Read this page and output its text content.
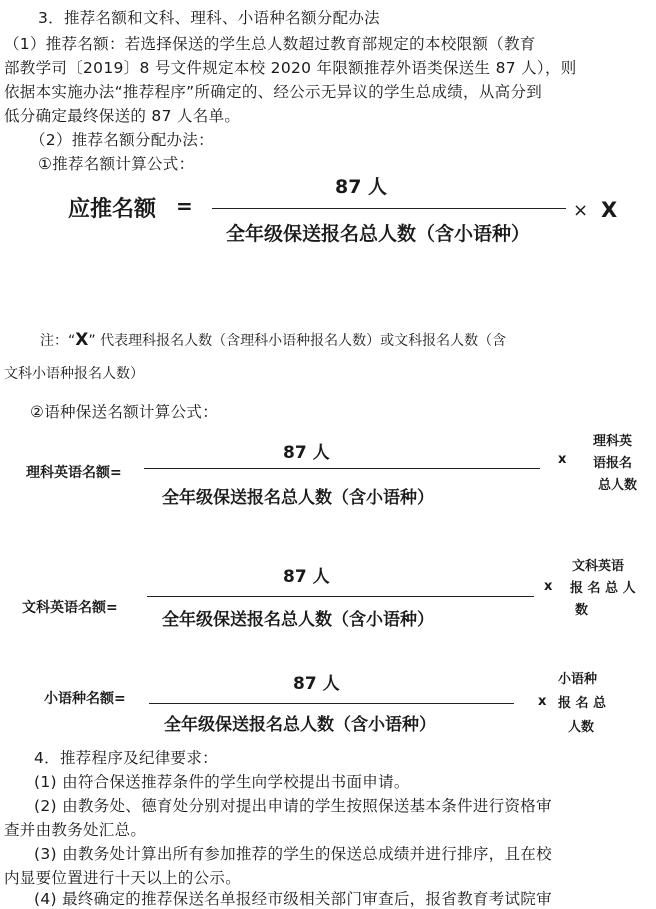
3．推荐名额和文科、理科、小语种名额分配办法
（1）推荐名额：若选择保送的学生总人数超过教育部规定的本校限额（教育
部教学司〔2019〕8 号文件规定本校 2020 年限额推荐外语类保送生 87 人），则
依据本实施办法“推荐程序”所确定的、经公示无异议的学生总成绩，从高分到
低分确定最终保送的 87 人名单。
（2）推荐名额分配办法：
①推荐名额计算公式：
应推名额 =
87 人
全年级保送报名总人数（含小语种）
× X
注：“X” 代表理科报名人数（含理科小语种报名人数）或文科报名人数（含
文科小语种报名人数）
②语种保送名额计算公式：
理科英语名额=
87 人
全年级保送报名总人数（含小语种）
x
理科英
语报名
总人数
文科英语名额=
87 人
全年级保送报名总人数（含小语种）
x
文科英语
报 名 总 人
数
小语种名额=
87 人
全年级保送报名总人数（含小语种）
x
小语种
报 名 总
人数
4．推荐程序及纪律要求：
(1) 由符合保送推荐条件的学生向学校提出书面申请。
(2) 由教务处、德育处分别对提出申请的学生按照保送基本条件进行资格审
查并由教务处汇总。
(3) 由教务处计算出所有参加推荐的学生的保送总成绩并进行排序，且在校
内显要位置进行十天以上的公示。
(4) 最终确定的推荐保送名单报经市级相关部门审查后，报省教育考试院审
